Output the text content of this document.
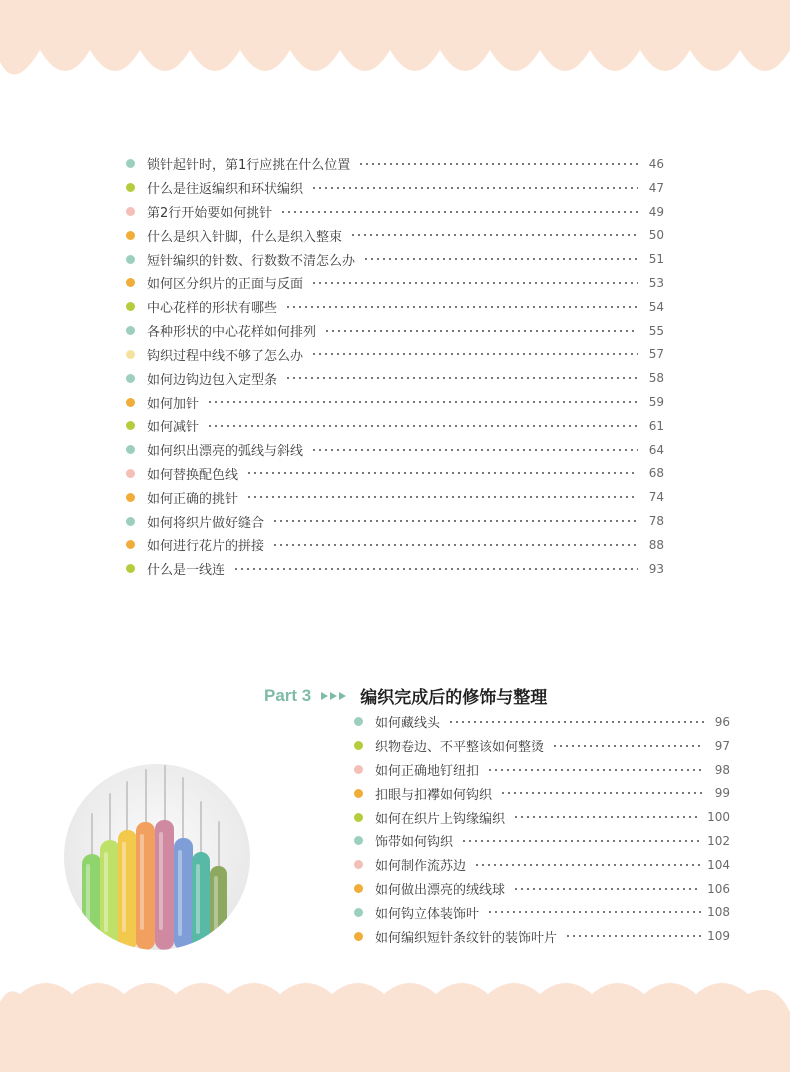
锁针起针时，第1行应挑在什么位置	46
什么是往返编织和环状编织	47
第2行开始要如何挑针	49
什么是织入针脚，什么是织入整束	50
短针编织的针数、行数数不清怎么办	51
如何区分织片的正面与反面	53
中心花样的形状有哪些	54
各种形状的中心花样如何排列	55
钩织过程中线不够了怎么办	57
如何边钩边包入定型条	58
如何加针	59
如何减针	61
如何织出漂亮的弧线与斜线	64
如何替换配色线	68
如何正确的挑针	74
如何将织片做好缝合	78
如何进行花片的拼接	88
什么是一线连	93
Part 3	编织完成后的修饰与整理
如何藏线头	96
织物卷边、不平整该如何整烫	97
如何正确地钉纽扣	98
扣眼与扣襻如何钩织	99
如何在织片上钩缘编织	100
饰带如何钩织	102
如何制作流苏边	104
如何做出漂亮的绒线球	106
如何钩立体装饰叶	108
如何编织短针条纹针的装饰叶片	109
